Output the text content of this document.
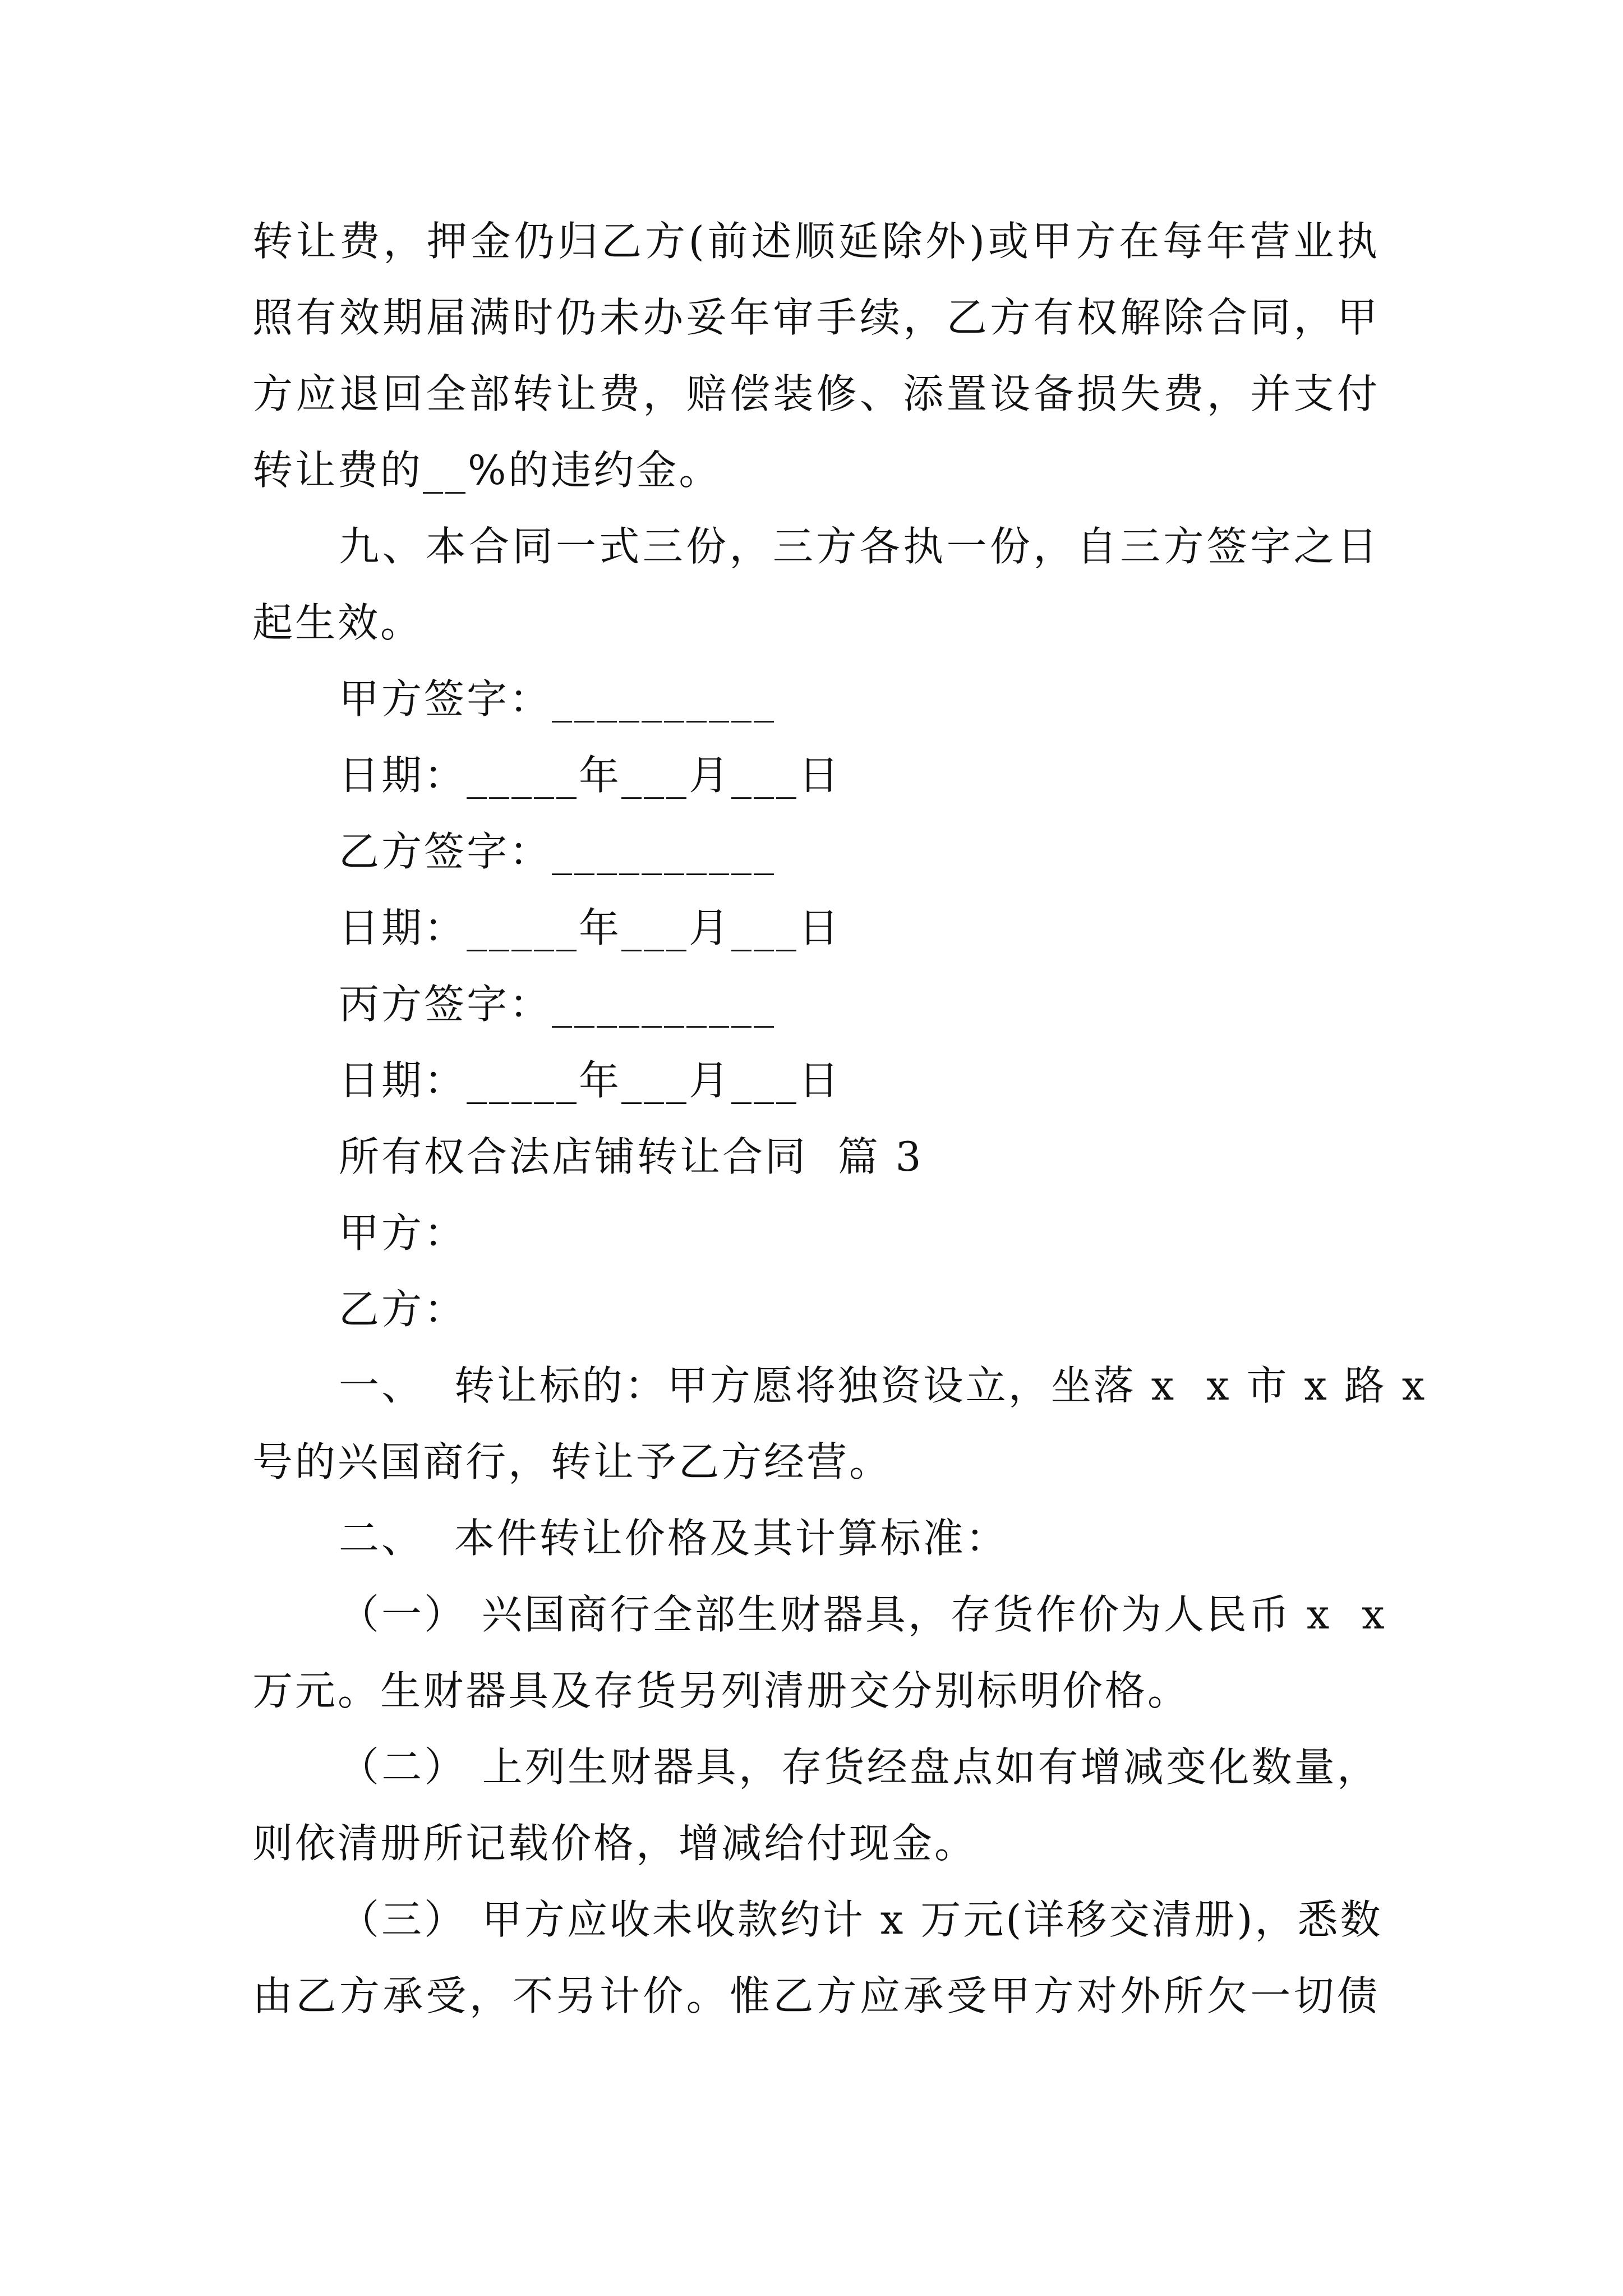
转让费，押金仍归乙方(前述顺延除外)或甲方在每年营业执
照有效期届满时仍未办妥年审手续，乙方有权解除合同，甲
方应退回全部转让费，赔偿装修、添置设备损失费，并支付
转让费的__%的违约金。
九、本合同一式三份，三方各执一份，自三方签字之日
起生效。
甲方签字：__________
日期：_____年___月___日
乙方签字：__________
日期：_____年___月___日
丙方签字：__________
日期：_____年___月___日
所有权合法店铺转让合同  篇 3
甲方：
乙方：
一、  转让标的：甲方愿将独资设立，坐落 x  x 市 x 路 x
号的兴国商行，转让予乙方经营。
二、  本件转让价格及其计算标准：
（一） 兴国商行全部生财器具，存货作价为人民币 x  x
万元。生财器具及存货另列清册交分别标明价格。
（二） 上列生财器具，存货经盘点如有增减变化数量，
则依清册所记载价格，增减给付现金。
（三） 甲方应收未收款约计 x 万元(详移交清册)，悉数
由乙方承受，不另计价。惟乙方应承受甲方对外所欠一切债
